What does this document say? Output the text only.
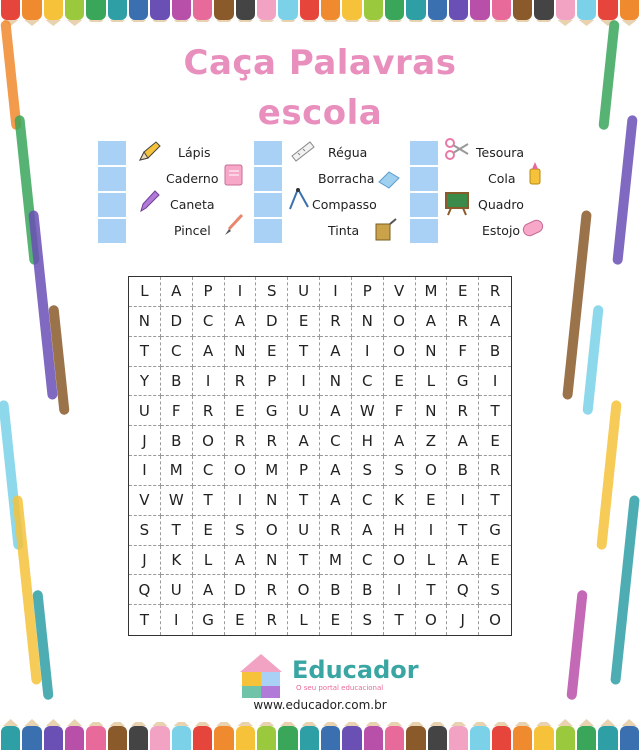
Caça Palavras
escola
Lápis
Caderno
Caneta
Pincel
Régua
Borracha
Compasso
Tinta
Tesoura
Cola
Quadro
Estojo
L	A	P	I	S	U	I	P	V	M	E	R
N	D	C	A	D	E	R	N	O	A	R	A
T	C	A	N	E	T	A	I	O	N	F	B
Y	B	I	R	P	I	N	C	E	L	G	I
U	F	R	E	G	U	A	W	F	N	R	T
J	B	O	R	R	A	C	H	A	Z	A	E
I	M	C	O	M	P	A	S	S	O	B	R
V	W	T	I	N	T	A	C	K	E	I	T
S	T	E	S	O	U	R	A	H	I	T	G
J	K	L	A	N	T	M	C	O	L	A	E
Q	U	A	D	R	O	B	B	I	T	Q	S
T	I	G	E	R	L	E	S	T	O	J	O
Educador
O seu portal educacional
www.educador.com.br
